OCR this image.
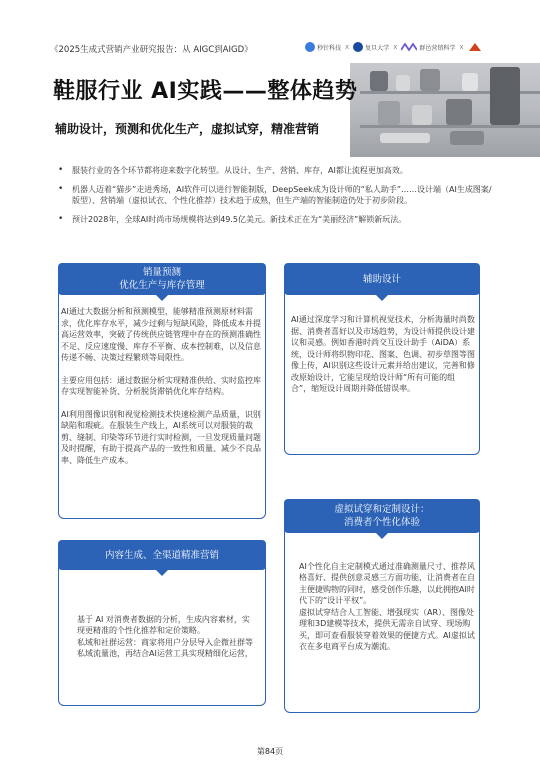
《2025生成式营销产业研究报告：从 AIGC到AIGD》	秒针科技 x	复旦大学 x	群邑营销科学 x
鞋服行业 AI实践——整体趋势
辅助设计，预测和优化生产，虚拟试穿，精准营销
• 服装行业的各个环节都将迎来数字化转型。从设计、生产、营销、库存，AI都让流程更加高效。
• 机器人迈着“猫步”走进秀场，AI软件可以进行智能制版，DeepSeek成为设计师的“私人助手”……设计端（AI生成图案/版型）、营销端（虚拟试衣、个性化推荐）技术趋于成熟，但生产端的智能制造仍处于初步阶段。
• 预计2028年，全球AI时尚市场规模将达到49.5亿美元。新技术正在为“美丽经济”解锁新玩法。
销量预测
优化生产与库存管理

AI通过大数据分析和预测模型，能够精准预测原材料需求，优化库存水平，减少过剩与短缺风险，降低成本并提高运营效率，突破了传统供应链管理中存在的预测准确性不足、反应速度慢、库存不平衡、成本控制难，以及信息传递不畅、决策过程繁琐等局限性。

主要应用包括：通过数据分析实现精准供给、实时监控库存实现智能补货、分析脱货滞销优化库存结构。

AI利用图像识别和视觉检测技术快速检测产品质量，识别缺陷和瑕疵。在服装生产线上，AI系统可以对服装的裁剪、缝制、印染等环节进行实时检测，一旦发现质量问题及时提醒，有助于提高产品的一致性和质量、减少不良品率、降低生产成本。

辅助设计

AI通过深度学习和计算机视觉技术，分析海量时尚数据、消费者喜好以及市场趋势，为设计师提供设计建议和灵感。例如香港时尚交互设计助手（AiDA）系统，设计师将织物印花、图案、色调、初步草图等图像上传，AI识别这些设计元素并给出建议，完善和修改原始设计，它能呈现给设计师“所有可能的组合”，缩短设计周期并降低错误率。

内容生成、全渠道精准营销

基于 AI 对消费者数据的分析，生成内容素材，实现更精准的个性化推荐和定价策略。
私域和社群运营：商家将用户分层导入企微社群等私域流量池，再结合AI运营工具实现精细化运营，

虚拟试穿和定制设计：
消费者个性化体验

AI个性化自主定制模式通过准确测量尺寸、推荐风格喜好、提供创意灵感三方面功能，让消费者在自主便捷购物的同时，感受创作乐趣，以此拥抱AI时代下的“设计平权”。
虚拟试穿结合人工智能、增强现实（AR）、图像处理和3D建模等技术，提供无需亲自试穿、现场购买，即可查看服装穿着效果的便捷方式。AI虚拟试衣在多电商平台成为潮流。

第84页
